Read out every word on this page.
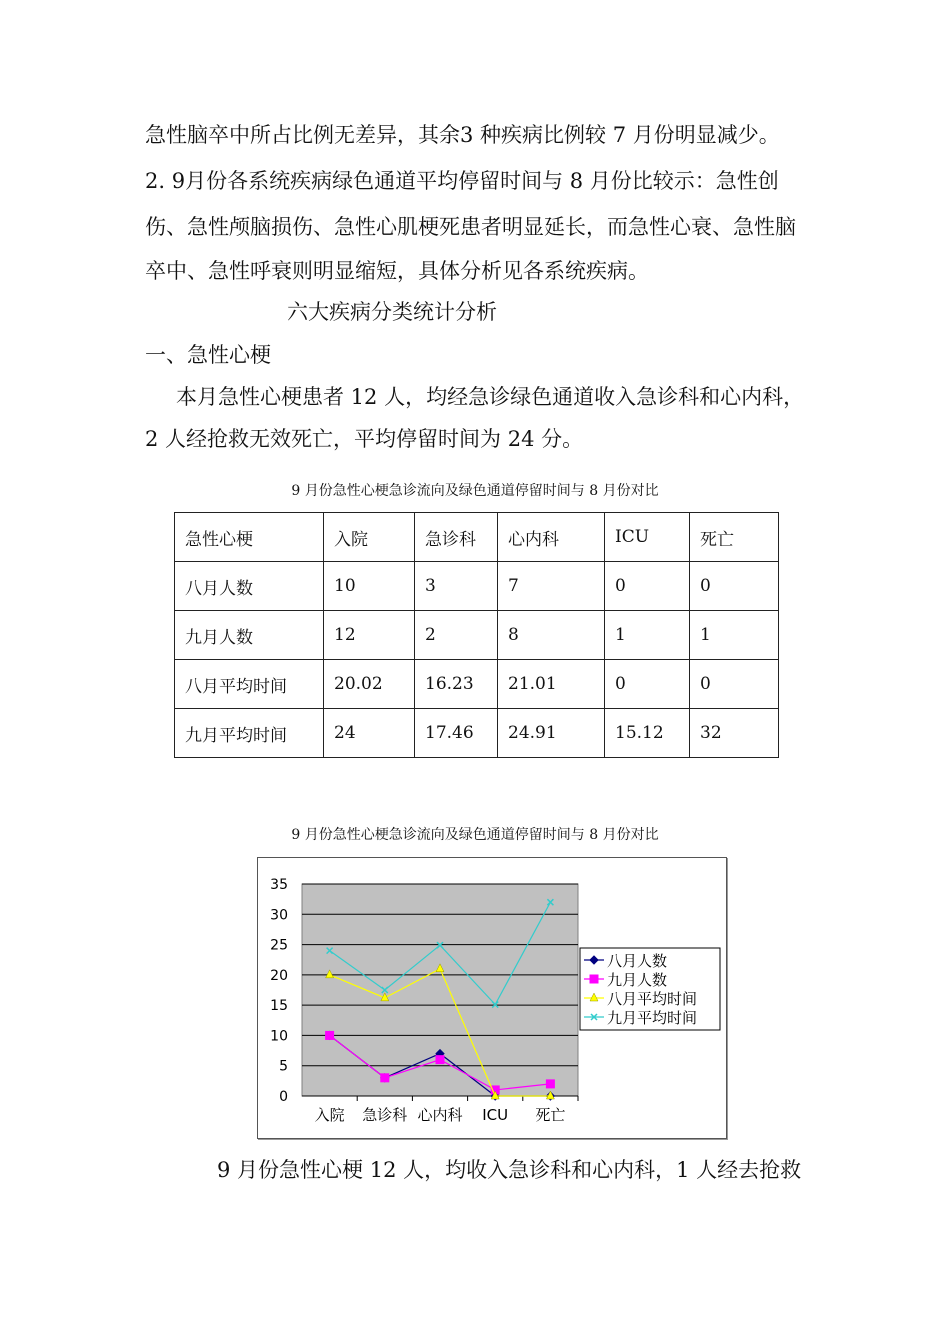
急性脑卒中所占比例无差异，其余3 种疾病比例较 7 月份明显减少。
2. 9月份各系统疾病绿色通道平均停留时间与 8 月份比较示：急性创
伤、急性颅脑损伤、急性心肌梗死患者明显延长，而急性心衰、急性脑
卒中、急性呼衰则明显缩短，具体分析见各系统疾病。
六大疾病分类统计分析
一、急性心梗
本月急性心梗患者 12 人，均经急诊绿色通道收入急诊科和心内科，
2 人经抢救无效死亡，平均停留时间为 24 分。
9 月份急性心梗急诊流向及绿色通道停留时间与 8 月份对比
急性心梗	入院	急诊科	心内科	ICU	死亡
八月人数	10	3	7	0	0
九月人数	12	2	8	1	1
八月平均时间	20.02	16.23	21.01	0	0
九月平均时间	24	17.46	24.91	15.12	32
9 月份急性心梗急诊流向及绿色通道停留时间与 8 月份对比
0
5
10
15
20
25
30
35
入院 急诊科 心内科 ICU 死亡
八月人数
九月人数
八月平均时间
九月平均时间
9 月份急性心梗 12 人，均收入急诊科和心内科，1 人经去抢救
